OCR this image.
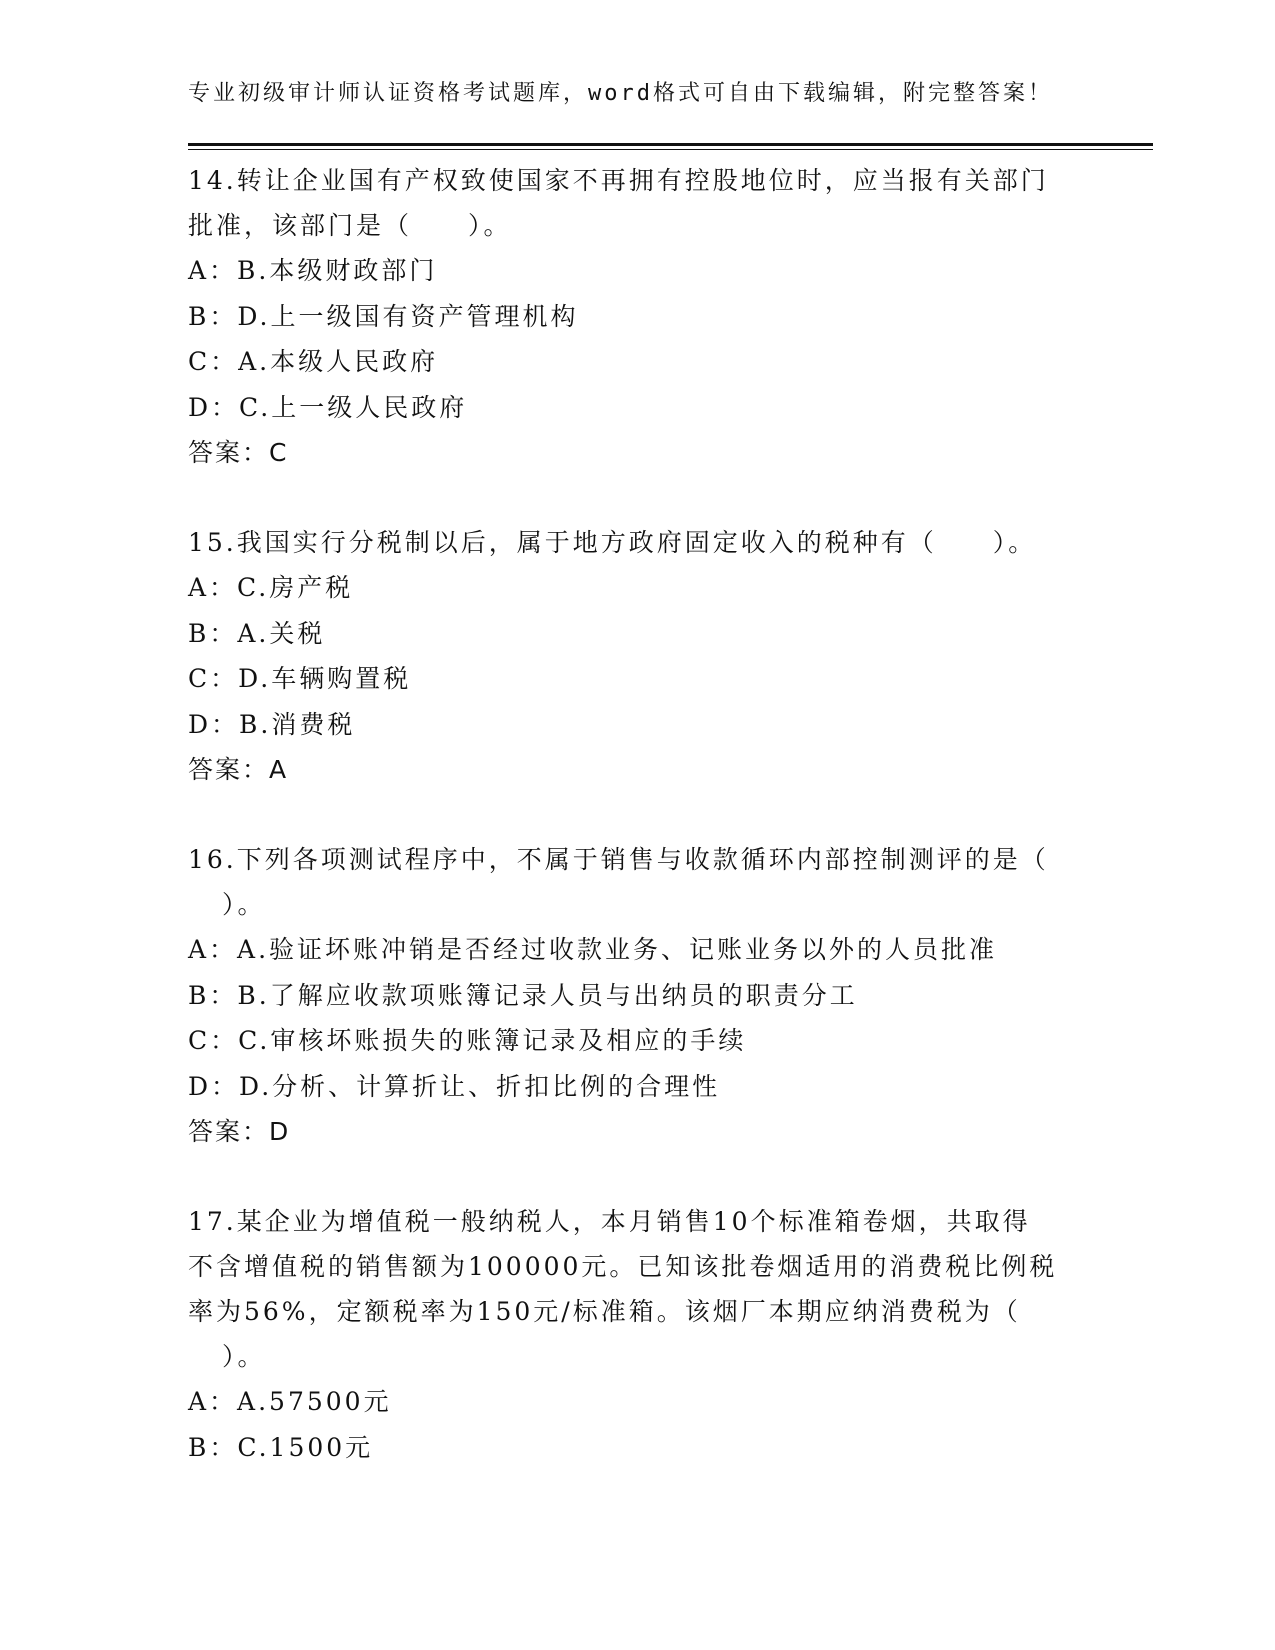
专业初级审计师认证资格考试题库，word格式可自由下载编辑，附完整答案！
14.转让企业国有产权致使国家不再拥有控股地位时，应当报有关部门
批准，该部门是（　　）。
A：B.本级财政部门
B：D.上一级国有资产管理机构
C：A.本级人民政府
D：C.上一级人民政府
答案：C
15.我国实行分税制以后，属于地方政府固定收入的税种有（　　）。
A：C.房产税
B：A.关税
C：D.车辆购置税
D：B.消费税
答案：A
16.下列各项测试程序中，不属于销售与收款循环内部控制测评的是（
）。
A：A.验证坏账冲销是否经过收款业务、记账业务以外的人员批准
B：B.了解应收款项账簿记录人员与出纳员的职责分工
C：C.审核坏账损失的账簿记录及相应的手续
D：D.分析、计算折让、折扣比例的合理性
答案：D
17.某企业为增值税一般纳税人，本月销售10个标准箱卷烟，共取得
不含增值税的销售额为100000元。已知该批卷烟适用的消费税比例税
率为56%，定额税率为150元/标准箱。该烟厂本期应纳消费税为（
）。
A：A.57500元
B：C.1500元
